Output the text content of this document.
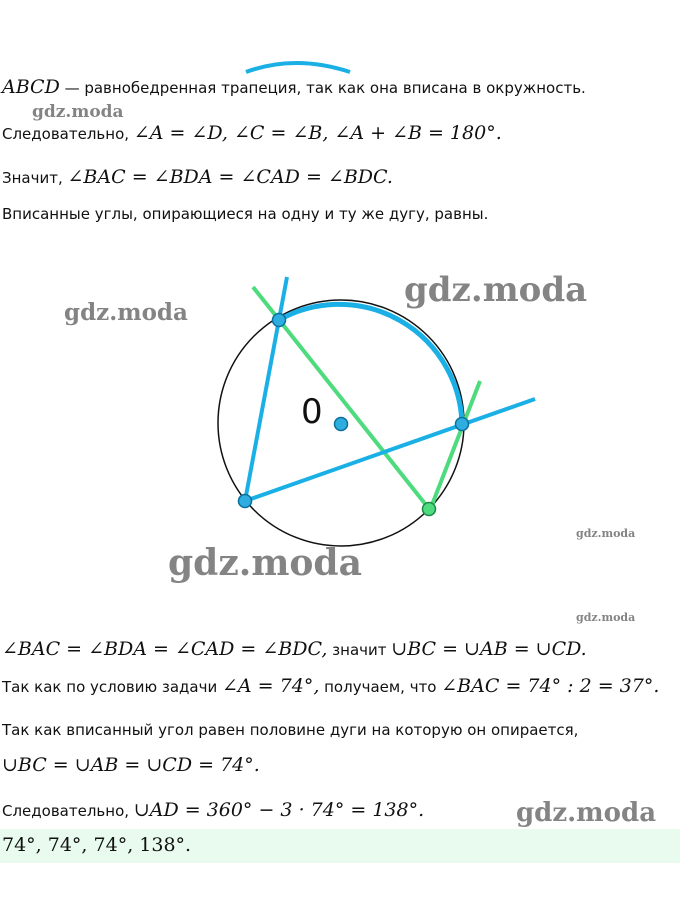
ABCD — равнобедренная трапеция, так как она вписана в окружность.
gdz.moda
Следовательно, ∠A = ∠D, ∠C = ∠B, ∠A + ∠B = 180°.
Значит, ∠BAC = ∠BDA = ∠CAD = ∠BDC.
Вписанные углы, опирающиеся на одну и ту же дугу, равны.
0
gdz.moda
gdz.moda
gdz.moda
gdz.moda
gdz.moda
∠BAC = ∠BDA = ∠CAD = ∠BDC, значит ∪BC = ∪AB = ∪CD.
Так как по условию задачи ∠A = 74°, получаем, что ∠BAC = 74° : 2 = 37°.
Так как вписанный угол равен половине дуги на которую он опирается,
∪BC = ∪AB = ∪CD = 74°.
gdz.moda
Следовательно, ∪AD = 360° − 3 · 74° = 138°.
74°, 74°, 74°, 138°.
